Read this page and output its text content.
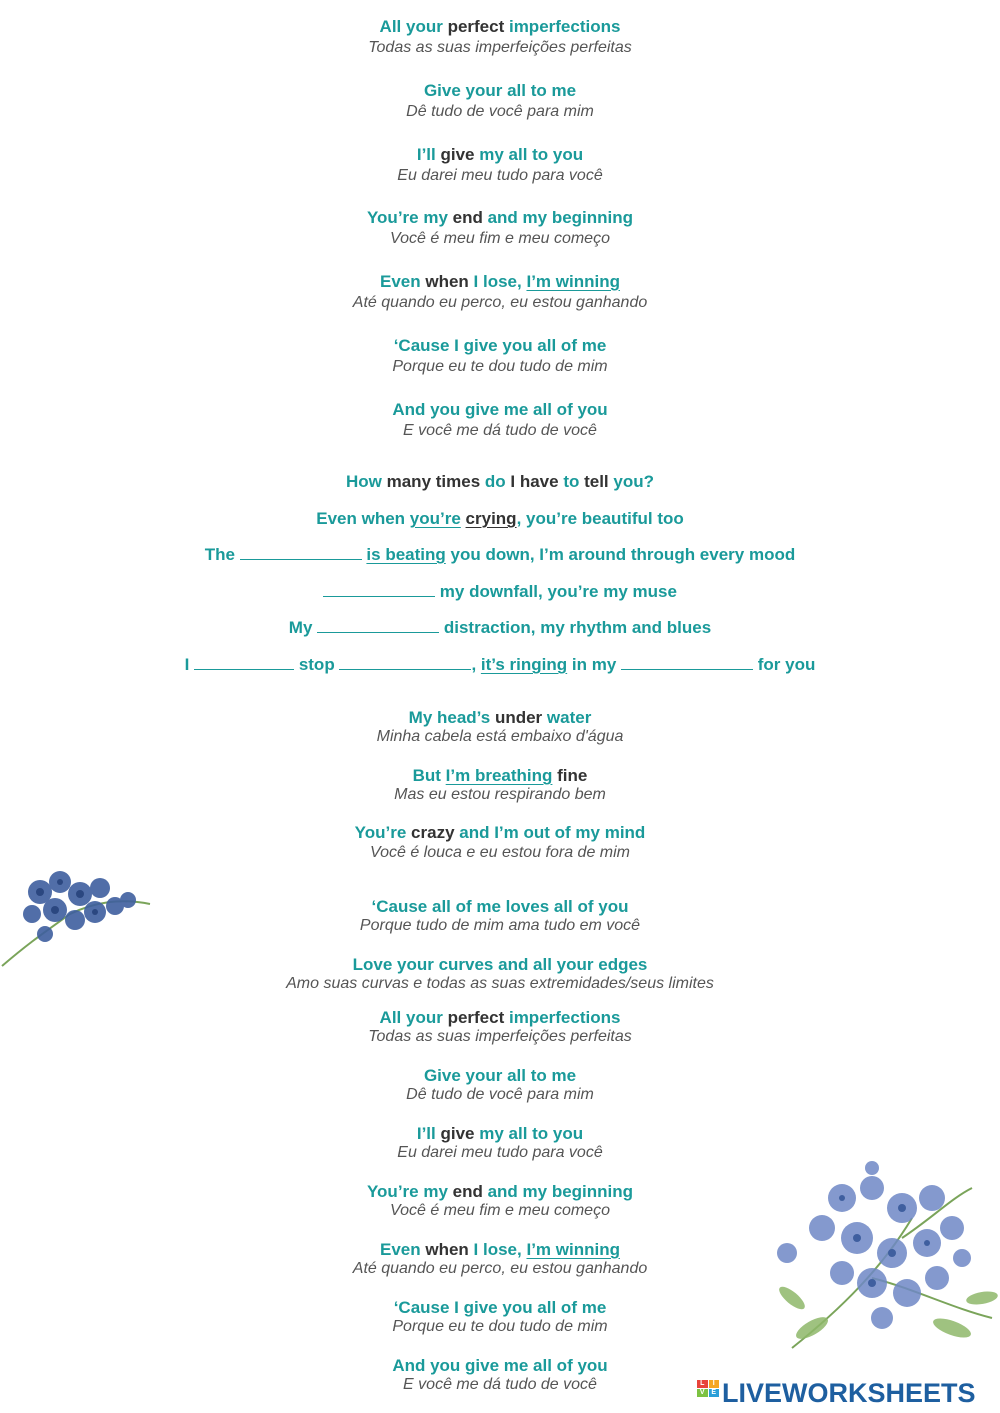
All your perfect imperfections
Todas as suas imperfeições perfeitas
Give your all to me
Dê tudo de você para mim
I’ll give my all to you
Eu darei meu tudo para você
You’re my end and my beginning
Você é meu fim e meu começo
Even when I lose, I’m winning
Até quando eu perco, eu estou ganhando
‘Cause I give you all of me
Porque eu te dou tudo de mim
And you give me all of you
E você me dá tudo de você
How many times do I have to tell you?
Even when you’re crying, you’re beautiful too
The	is beating you down, I’m around through every mood
my downfall, you’re my muse
My	distraction, my rhythm and blues
I	stop	, it’s ringing in my	for you
My head’s under water
Minha cabela está embaixo d'água
But I’m breathing fine
Mas eu estou respirando bem
You’re crazy and I’m out of my mind
Você é louca e eu estou fora de mim
‘Cause all of me loves all of you
Porque tudo de mim ama tudo em você
Love your curves and all your edges
Amo suas curvas e todas as suas extremidades/seus limites
All your perfect imperfections
Todas as suas imperfeições perfeitas
Give your all to me
Dê tudo de você para mim
I’ll give my all to you
Eu darei meu tudo para você
You’re my end and my beginning
Você é meu fim e meu começo
Even when I lose, I’m winning
Até quando eu perco, eu estou ganhando
‘Cause I give you all of me
Porque eu te dou tudo de mim
And you give me all of you
E você me dá tudo de você	L	I
V E LIVEWORKSHEETS
